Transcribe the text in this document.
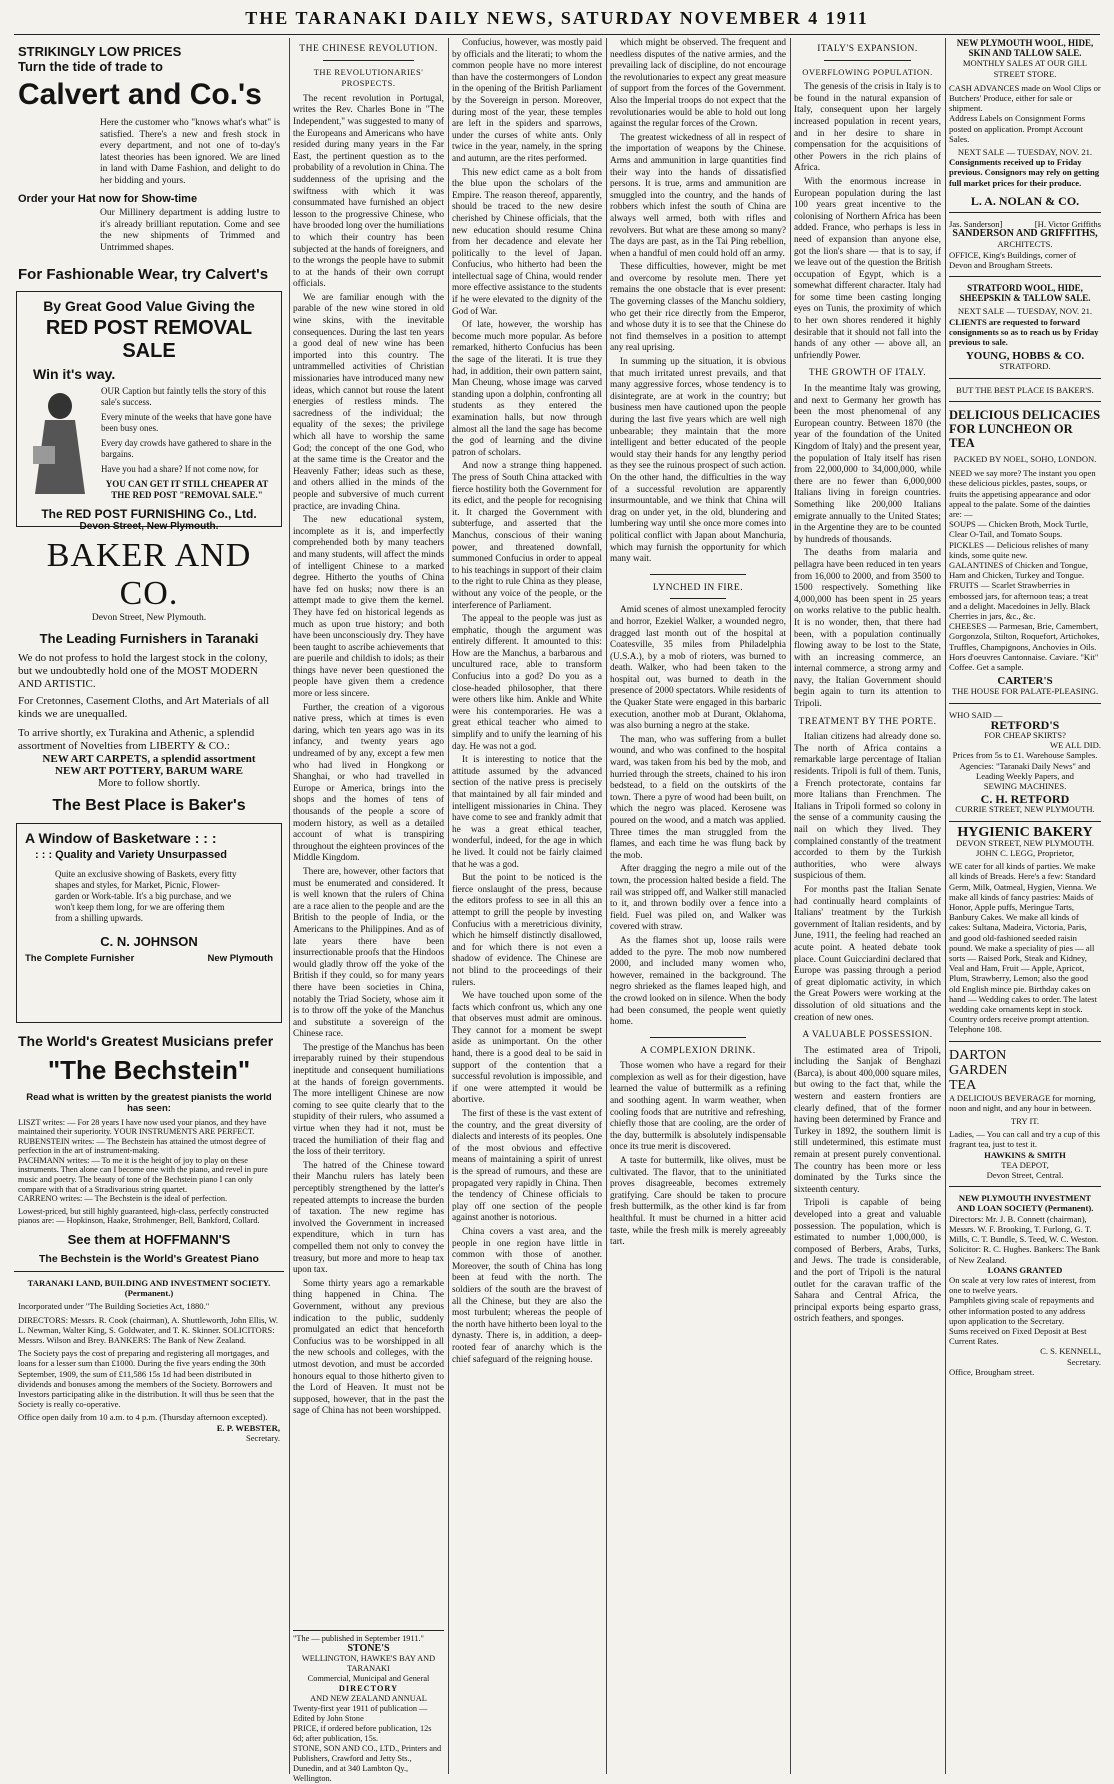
THE TARANAKI DAILY NEWS, SATURDAY NOVEMBER 4 1911
STRIKINGLY LOW PRICES
Turn the tide of trade to
Calvert and Co.'s
Here the customer who "knows what's what" is satisfied. There's a new and fresh stock in every department, and not one of to-day's latest theories has been ignored. We are lined in land with Dame Fashion, and delight to do her bidding and yours.
Order your Hat now for Show-time
Our Millinery department is adding lustre to it's already brilliant reputation. Come and see the new shipments of Trimmed and Untrimmed shapes.
For Fashionable Wear, try Calvert's
By Great Good Value Giving the
RED POST REMOVAL SALE
Win it's way.
OUR Caption but faintly tells the story of this sale's success.
Every minute of the weeks that have gone have been busy ones.
Every day crowds have gathered to share in the bargains.
Have you had a share? If not come now, for
YOU CAN GET IT STILL CHEAPER AT THE RED POST "REMOVAL SALE."
The RED POST FURNISHING Co., Ltd.
Devon Street, New Plymouth.
BAKER AND CO.
Devon Street, New Plymouth.
The Leading Furnishers in Taranaki
We do not profess to hold the largest stock in the colony, but we undoubtedly hold one of the MOST MODERN AND ARTISTIC.
For Cretonnes, Casement Cloths, and Art Materials of all kinds we are unequalled.
To arrive shortly, ex Turakina and Athenic, a splendid assortment of Novelties from LIBERTY & CO.:
NEW ART CARPETS, a splendid assortment
NEW ART POTTERY, BARUM WARE
More to follow shortly.
The Best Place is Baker's
A Window of Basketware : : :
: : : Quality and Variety Unsurpassed
Quite an exclusive showing of Baskets, every fitty shapes and styles, for Market, Picnic, Flower-garden or Work-table. It's a big purchase, and we won't keep them long, for we are offering them from a shilling upwards.
C. N. JOHNSON
The Complete Furnisher	New Plymouth
The World's Greatest Musicians prefer
"The Bechstein"
Read what is written by the greatest pianists the world has seen:
LISZT writes: — For 28 years I have now used your pianos, and they have maintained their superiority. YOUR INSTRUMENTS ARE PERFECT.
RUBENSTEIN writes: — The Bechstein has attained the utmost degree of perfection in the art of instrument-making.
PACHMANN writes: — To me it is the height of joy to play on these instruments. Then alone can I become one with the piano, and revel in pure music and poetry. The beauty of tone of the Bechstein piano I can only compare with that of a Stradivarious string quartet.
CARRENO writes: — The Bechstein is the ideal of perfection.
Lowest-priced, but still highly guaranteed, high-class, perfectly constructed pianos are: — Hopkinson, Haake, Strohmenger, Bell, Bankford, Collard.
See them at HOFFMANN'S
The Bechstein is the World's Greatest Piano
TARANAKI LAND, BUILDING AND INVESTMENT SOCIETY. (Permanent.)
Incorporated under "The Building Societies Act, 1880."
DIRECTORS: Messrs. R. Cook (chairman), A. Shuttleworth, John Ellis, W. L. Newman, Walter King, S. Goldwater, and T. K. Skinner. SOLICITORS: Messrs. Wilson and Brey. BANKERS: The Bank of New Zealand.
The Society pays the cost of preparing and registering all mortgages, and loans for a lesser sum than £1000. During the five years ending the 30th September, 1909, the sum of £11,586 15s 1d had been distributed in dividends and bonuses among the members of the Society. Borrowers and Investors participating alike in the distribution. It will thus be seen that the Society is really co-operative.
Office open daily from 10 a.m. to 4 p.m. (Thursday afternoon excepted).
E. P. WEBSTER,
Secretary.
THE CHINESE REVOLUTION.
THE REVOLUTIONARIES' PROSPECTS.

The recent revolution in Portugal, writes the Rev. Charles Bone in "The Independent," was suggested to many of the Europeans and Americans who have resided during many years in the Far East, the pertinent question as to the probability of a revolution in China. The suddenness of the uprising and the swiftness with which it was consummated have furnished an object lesson to the progressive Chinese, who have brooded long over the humiliations to which their country has been subjected at the hands of foreigners, and to the wrongs the people have to submit to at the hands of their own corrupt officials.

We are familiar enough with the parable of the new wine stored in old wine skins, with the inevitable consequences. During the last ten years a good deal of new wine has been imported into this country. The untrammelled activities of Christian missionaries have introduced many new ideas, which cannot but rouse the latent energies of restless minds. The sacredness of the individual; the equality of the sexes; the privilege which all have to worship the same God; the concept of the one God, who at the same time is the Creator and the Heavenly Father; ideas such as these, and others allied in the minds of the people and subversive of much current practice, are invading China.

The new educational system, incomplete as it is, and imperfectly comprehended both by many teachers and many students, will affect the minds of intelligent Chinese to a marked degree. Hitherto the youths of China have fed on husks; now there is an attempt made to give them the kernel. They have fed on historical legends as much as upon true history; and both have been unconsciously dry. They have been taught to ascribe achievements that are puerile and childish to idols; as their things have never been questioned the people have given them a credence more or less sincere.

Further, the creation of a vigorous native press, which at times is even daring, which ten years ago was in its infancy, and twenty years ago undreamed of by any, except a few men who had lived in Hongkong or Shanghai, or who had travelled in Europe or America, brings into the shops and the homes of tens of thousands of the people a score of modern history, as well as a detailed account of what is transpiring throughout the eighteen provinces of the Middle Kingdom.

There are, however, other factors that must be enumerated and considered. It is well known that the rulers of China are a race alien to the people and are the British to the people of India, or the Americans to the Philippines. And as of late years there have been insurrectionable proofs that the Hindoos would gladly throw off the yoke of the British if they could, so for many years there have been societies in China, notably the Triad Society, whose aim it is to throw off the yoke of the Manchus and substitute a sovereign of the Chinese race.

The prestige of the Manchus has been irreparably ruined by their stupendous ineptitude and consequent humiliations at the hands of foreign governments. The more intelligent Chinese are now coming to see quite clearly that to the stupidity of their rulers, who assumed a virtue when they had it not, must be traced the humiliation of their flag and the loss of their territory.

The hatred of the Chinese toward their Manchu rulers has lately been perceptibly strengthened by the latter's repeated attempts to increase the burden of taxation. The new regime has involved the Government in increased expenditure, which in turn has compelled them not only to convey the treasury, but more and more to heap tax upon tax.

Some thirty years ago a remarkable thing happened in China. The Government, without any previous indication to the public, suddenly promulgated an edict that henceforth Confucius was to be worshipped in all the new schools and colleges, with the utmost devotion, and must be accorded honours equal to those hitherto given to the Lord of Heaven. It must not be supposed, however, that in the past the sage of China has not been worshipped.

"The — published in September 1911."
STONE'S
WELLINGTON, HAWKE'S BAY AND TARANAKI
Commercial, Municipal and General
DIRECTORY
AND NEW ZEALAND ANNUAL
Twenty-first year 1911 of publication — Edited by John Stone
PRICE, if ordered before publication, 12s 6d; after publication, 15s.
STONE, SON AND CO., LTD., Printers and Publishers, Crawford and Jetty Sts., Dunedin, and at 340 Lambton Qy., Wellington.

Confucius, however, was mostly paid by officials and the literati; to whom the common people have no more interest than have the costermongers of London in the opening of the British Parliament by the Sovereign in person. Moreover, during most of the year, these temples are left in the spiders and sparrows, under the curses of white ants. Only twice in the year, namely, in the spring and autumn, are the rites performed.

This new edict came as a bolt from the blue upon the scholars of the Empire. The reason thereof, apparently, should be traced to the new desire cherished by Chinese officials, that the new education should resume China from her decadence and elevate her politically to the level of Japan. Confucius, who hitherto had been the intellectual sage of China, would render more effective assistance to the students if he were elevated to the dignity of the God of War.

Of late, however, the worship has become much more popular. As before remarked, hitherto Confucius has been the sage of the literati. It is true they had, in addition, their own pattern saint, Man Cheung, whose image was carved standing upon a dolphin, confronting all students as they entered the examination halls, but now through almost all the land the sage has become the god of learning and the divine patron of scholars.

And now a strange thing happened. The press of South China attacked with fierce hostility both the Government for its edict, and the people for recognising it. It charged the Government with subterfuge, and asserted that the Manchus, conscious of their waning power, and threatened downfall, summoned Confucius in order to appeal to his teachings in support of their claim to the right to rule China as they please, without any voice of the people, or the interference of Parliament.

The appeal to the people was just as emphatic, though the argument was entirely different. It amounted to this: How are the Manchus, a barbarous and uncultured race, able to transform Confucius into a god? Do you as a close-headed philosopher, that there were others like him. Ankle and White were his contemporaries. He was a great ethical teacher who aimed to simplify and to unify the learning of his day. He was not a god.

It is interesting to notice that the attitude assumed by the advanced section of the native press is precisely that maintained by all fair minded and intelligent missionaries in China. They have come to see and frankly admit that he was a great ethical teacher, wonderful, indeed, for the age in which he lived. It could not be fairly claimed that he was a god.

But the point to be noticed is the fierce onslaught of the press, because the editors profess to see in all this an attempt to grill the people by investing Confucius with a meretricious divinity, which he himself distinctly disallowed, and for which there is not even a shadow of evidence. The Chinese are not blind to the proceedings of their rulers.

We have touched upon some of the facts which confront us, which any one that observes must admit are ominous. They cannot for a moment be swept aside as unimportant. On the other hand, there is a good deal to be said in support of the contention that a successful revolution is impossible, and if one were attempted it would be abortive.

The first of these is the vast extent of the country, and the great diversity of dialects and interests of its peoples. One of the most obvious and effective means of maintaining a spirit of unrest is the spread of rumours, and these are propagated very rapidly in China. Then the tendency of Chinese officials to play off one section of the people against another is notorious.

China covers a vast area, and the people in one region have little in common with those of another. Moreover, the south of China has long been at feud with the north. The soldiers of the south are the bravest of all the Chinese, but they are also the most turbulent; whereas the people of the north have hitherto been loyal to the dynasty. There is, in addition, a deep-rooted fear of anarchy which is the chief safeguard of the reigning house.

which might be observed. The frequent and needless disputes of the native armies, and the prevailing lack of discipline, do not encourage the revolutionaries to expect any great measure of support from the forces of the Government. Also the Imperial troops do not expect that the revolutionaries would be able to hold out long against the regular forces of the Crown.

The greatest wickedness of all in respect of the importation of weapons by the Chinese. Arms and ammunition in large quantities find their way into the hands of dissatisfied persons. It is true, arms and ammunition are smuggled into the country, and the hands of robbers which infest the south of China are always well armed, both with rifles and revolvers. But what are these among so many? The days are past, as in the Tai Ping rebellion, when a handful of men could hold off an army.

These difficulties, however, might be met and overcome by resolute men. There yet remains the one obstacle that is ever present: The governing classes of the Manchu soldiery, who get their rice directly from the Emperor, and whose duty it is to see that the Chinese do not find themselves in a position to attempt any real uprising.

In summing up the situation, it is obvious that much irritated unrest prevails, and that many aggressive forces, whose tendency is to disintegrate, are at work in the country; but business men have cautioned upon the people during the last five years which are well nigh unbearable; they maintain that the more intelligent and better educated of the people would stay their hands for any lengthy period as they see the ruinous prospect of such action. On the other hand, the difficulties in the way of a successful revolution are apparently insurmountable, and we think that China will drag on under yet, in the old, blundering and lumbering way until she once more comes into political conflict with Japan about Manchuria, which may furnish the opportunity for which many wait.

LYNCHED IN FIRE.

Amid scenes of almost unexampled ferocity and horror, Ezekiel Walker, a wounded negro, dragged last month out of the hospital at Coatesville, 35 miles from Philadelphia (U.S.A.), by a mob of rioters, was burned to death. Walker, who had been taken to the hospital out, was burned to death in the presence of 2000 spectators. While residents of the Quaker State were engaged in this barbaric execution, another mob at Durant, Oklahoma, was also burning a negro at the stake.

The man, who was suffering from a bullet wound, and who was confined to the hospital ward, was taken from his bed by the mob, and hurried through the streets, chained to his iron bedstead, to a field on the outskirts of the town. There a pyre of wood had been built, on which the negro was placed. Kerosene was poured on the wood, and a match was applied. Three times the man struggled from the flames, and each time he was flung back by the mob.

After dragging the negro a mile out of the town, the procession halted beside a field. The rail was stripped off, and Walker still manacled to it, and thrown bodily over a fence into a field. Fuel was piled on, and Walker was covered with straw.

As the flames shot up, loose rails were added to the pyre. The mob now numbered 2000, and included many women who, however, remained in the background. The negro shrieked as the flames leaped high, and the crowd looked on in silence. When the body had been consumed, the people went quietly home.

A COMPLEXION DRINK.

Those women who have a regard for their complexion as well as for their digestion, have learned the value of buttermilk as a refining and soothing agent. In warm weather, when cooling foods that are nutritive and refreshing, chiefly those that are cooling, are the order of the day, buttermilk is absolutely indispensable once its true merit is discovered.

A taste for buttermilk, like olives, must be cultivated. The flavor, that to the uninitiated proves disagreeable, becomes extremely gratifying. Care should be taken to procure fresh buttermilk, as the other kind is far from healthful. It must be churned in a hitter acid taste, while the fresh milk is merely agreeably tart.

ITALY'S EXPANSION.
OVERFLOWING POPULATION.

The genesis of the crisis in Italy is to be found in the natural expansion of Italy, consequent upon her largely increased population in recent years, and in her desire to share in compensation for the acquisitions of other Powers in the rich plains of Africa.

With the enormous increase in European population during the last 100 years great incentive to the colonising of Northern Africa has been added. France, who perhaps is less in need of expansion than anyone else, got the lion's share — that is to say, if we leave out of the question the British occupation of Egypt, which is a somewhat different character. Italy had for some time been casting longing eyes on Tunis, the proximity of which to her own shores rendered it highly desirable that it should not fall into the hands of any other — above all, an unfriendly Power.

THE GROWTH OF ITALY.

In the meantime Italy was growing, and next to Germany her growth has been the most phenomenal of any European country. Between 1870 (the year of the foundation of the United Kingdom of Italy) and the present year, the population of Italy itself has risen from 22,000,000 to 34,000,000, while there are no fewer than 6,000,000 Italians living in foreign countries. Something like 200,000 Italians emigrate annually to the United States; in the Argentine they are to be counted by hundreds of thousands.

The deaths from malaria and pellagra have been reduced in ten years from 16,000 to 2000, and from 3500 to 1500 respectively. Something like 4,000,000 has been spent in 25 years on works relative to the public health. It is no wonder, then, that there had been, with a population continually flowing away to be lost to the State, with an increasing commerce, an internal commerce, a strong army and navy, the Italian Government should begin again to turn its attention to Tripoli.

TREATMENT BY THE PORTE.

Italian citizens had already done so. The north of Africa contains a remarkable large percentage of Italian residents. Tripoli is full of them. Tunis, a French protectorate, contains far more Italians than Frenchmen. The Italians in Tripoli formed so colony in the sense of a community causing the nail on which they lived. They complained constantly of the treatment accorded to them by the Turkish authorities, who were always suspicious of them.

For months past the Italian Senate had continually heard complaints of Italians' treatment by the Turkish government of Italian residents, and by June, 1911, the feeling had reached an acute point. A heated debate took place. Count Guicciardini declared that Europe was passing through a period of great diplomatic activity, in which the Great Powers were working at the dissolution of old situations and the creation of new ones.

A VALUABLE POSSESSION.

The estimated area of Tripoli, including the Sanjak of Benghazi (Barca), is about 400,000 square miles, but owing to the fact that, while the western and eastern frontiers are clearly defined, that of the former having been determined by France and Turkey in 1892, the southern limit is still undetermined, this estimate must remain at present purely conventional. The country has been more or less dominated by the Turks since the sixteenth century.

Tripoli is capable of being developed into a great and valuable possession. The population, which is estimated to number 1,000,000, is composed of Berbers, Arabs, Turks, and Jews. The trade is considerable, and the port of Tripoli is the natural outlet for the caravan traffic of the Sahara and Central Africa, the principal exports being esparto grass, ostrich feathers, and sponges.

NEW PLYMOUTH WOOL, HIDE, SKIN AND TALLOW SALE.
MONTHLY SALES AT OUR GILL STREET STORE.
CASH ADVANCES made on Wool Clips or Butchers' Produce, either for sale or shipment.
Address Labels on Consignment Forms posted on application. Prompt Account Sales.
NEXT SALE — TUESDAY, NOV. 21.
Consignments received up to Friday previous. Consignors may rely on getting full market prices for their produce.
L. A. NOLAN & CO.
Jas. Sanderson]	[H. Victor Griffiths
SANDERSON AND GRIFFITHS,
ARCHITECTS.
OFFICE, King's Buildings, corner of Devon and Brougham Streets.
STRATFORD WOOL, HIDE, SHEEPSKIN & TALLOW SALE.
NEXT SALE — TUESDAY, NOV. 21.
CLIENTS are requested to forward consignments so as to reach us by Friday previous to sale.
YOUNG, HOBBS & CO.
STRATFORD.
BUT THE BEST PLACE IS BAKER'S.
DELICIOUS DELICACIES FOR LUNCHEON OR TEA
PACKED BY NOEL, SOHO, LONDON.
NEED we say more? The instant you open these delicious pickles, pastes, soups, or fruits the appetising appearance and odor appeal to the palate. Some of the dainties are: —
SOUPS — Chicken Broth, Mock Turtle, Clear O-Tail, and Tomato Soups.
PICKLES — Delicious relishes of many kinds, some quite new.
GALANTINES of Chicken and Tongue, Ham and Chicken, Turkey and Tongue.
FRUITS — Scarlet Strawberries in embossed jars, for afternoon teas; a treat and a delight. Macedoines in Jelly. Black Cherries in jars, &c., &c.
CHEESES — Parmesan, Brie, Camembert, Gorgonzola, Stilton, Roquefort, Artichokes, Truffles, Champignons, Anchovies in Oils. Hors d'oeuvres Cantonnaise. Caviare. "Kit" Coffee. Get a sample.
CARTER'S
THE HOUSE FOR PALATE-PLEASING.
WHO SAID —
RETFORD'S
FOR CHEAP SKIRTS?
WE ALL DID.
Prices from 5s to £1. Warehouse Samples. Agencies: "Taranaki Daily News" and Leading Weekly Papers, and
SEWING MACHINES.
C. H. RETFORD
CURRIE STREET, NEW PLYMOUTH.
HYGIENIC BAKERY
DEVON STREET, NEW PLYMOUTH.
JOHN C. LEGG, Proprietor,
WE cater for all kinds of parties. We make all kinds of Breads. Here's a few: Standard Germ, Milk, Oatmeal, Hygien, Vienna. We make all kinds of fancy pastries: Maids of Honor, Apple puffs, Meringue Tarts, Banbury Cakes. We make all kinds of cakes: Sultana, Madeira, Victoria, Paris, and good old-fashioned seeded raisin pound. We make a speciality of pies — all sorts — Raised Pork, Steak and Kidney, Veal and Ham, Fruit — Apple, Apricot, Plum, Strawberry, Lemon; also the good old English mince pie. Birthday cakes on hand — Wedding cakes to order. The latest wedding cake ornaments kept in stock. Country orders receive prompt attention. Telephone 108.
DARTON
GARDEN
TEA
A DELICIOUS BEVERAGE for morning, noon and night, and any hour in between.
TRY IT.
Ladies, — You can call and try a cup of this fragrant tea, just to test it.
HAWKINS & SMITH
TEA DEPOT,
Devon Street, Central.
NEW PLYMOUTH INVESTMENT AND LOAN SOCIETY (Permanent).
Directors: Mr. J. B. Connett (chairman), Messrs. W. F. Brooking, T. Furlong, G. T. Mills, C. T. Bundle, S. Teed, W. C. Weston.
Solicitor: R. C. Hughes. Bankers: The Bank of New Zealand.
LOANS GRANTED
On scale at very low rates of interest, from one to twelve years.
Pamphlets giving scale of repayments and other information posted to any address upon application to the Secretary.
Sums received on Fixed Deposit at Best Current Rates.
C. S. KENNELL,
Secretary.
Office, Brougham street.
